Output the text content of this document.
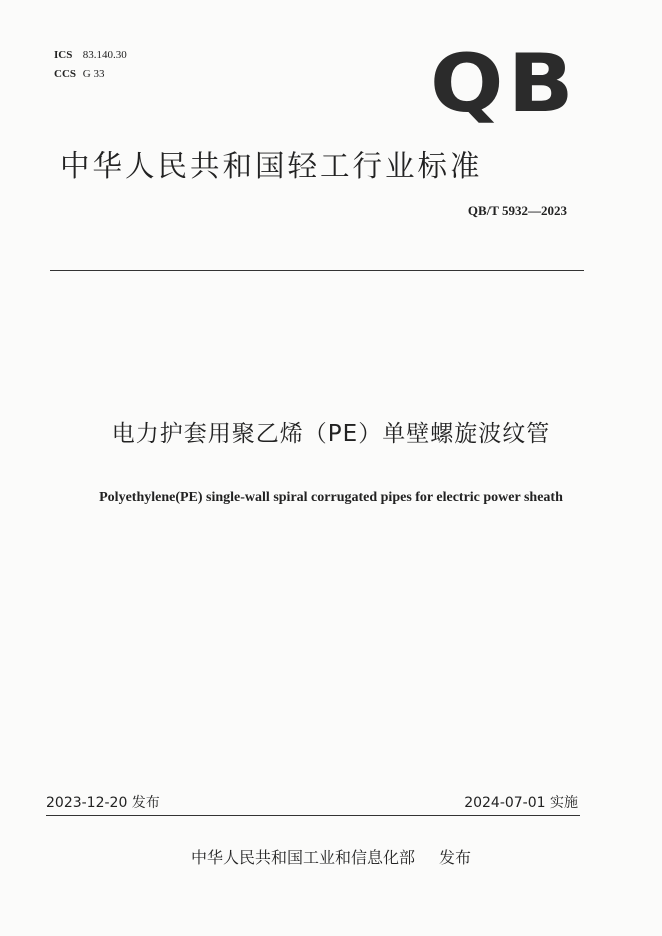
ICS 83.140.30
CCS G 33	QB
中华人民共和国轻工行业标准
QB/T 5932—2023
电力护套用聚乙烯（PE）单壁螺旋波纹管
Polyethylene(PE) single-wall spiral corrugated pipes for electric power sheath
2023-12-20 发布	2024-07-01 实施
中华人民共和国工业和信息化部 发布
